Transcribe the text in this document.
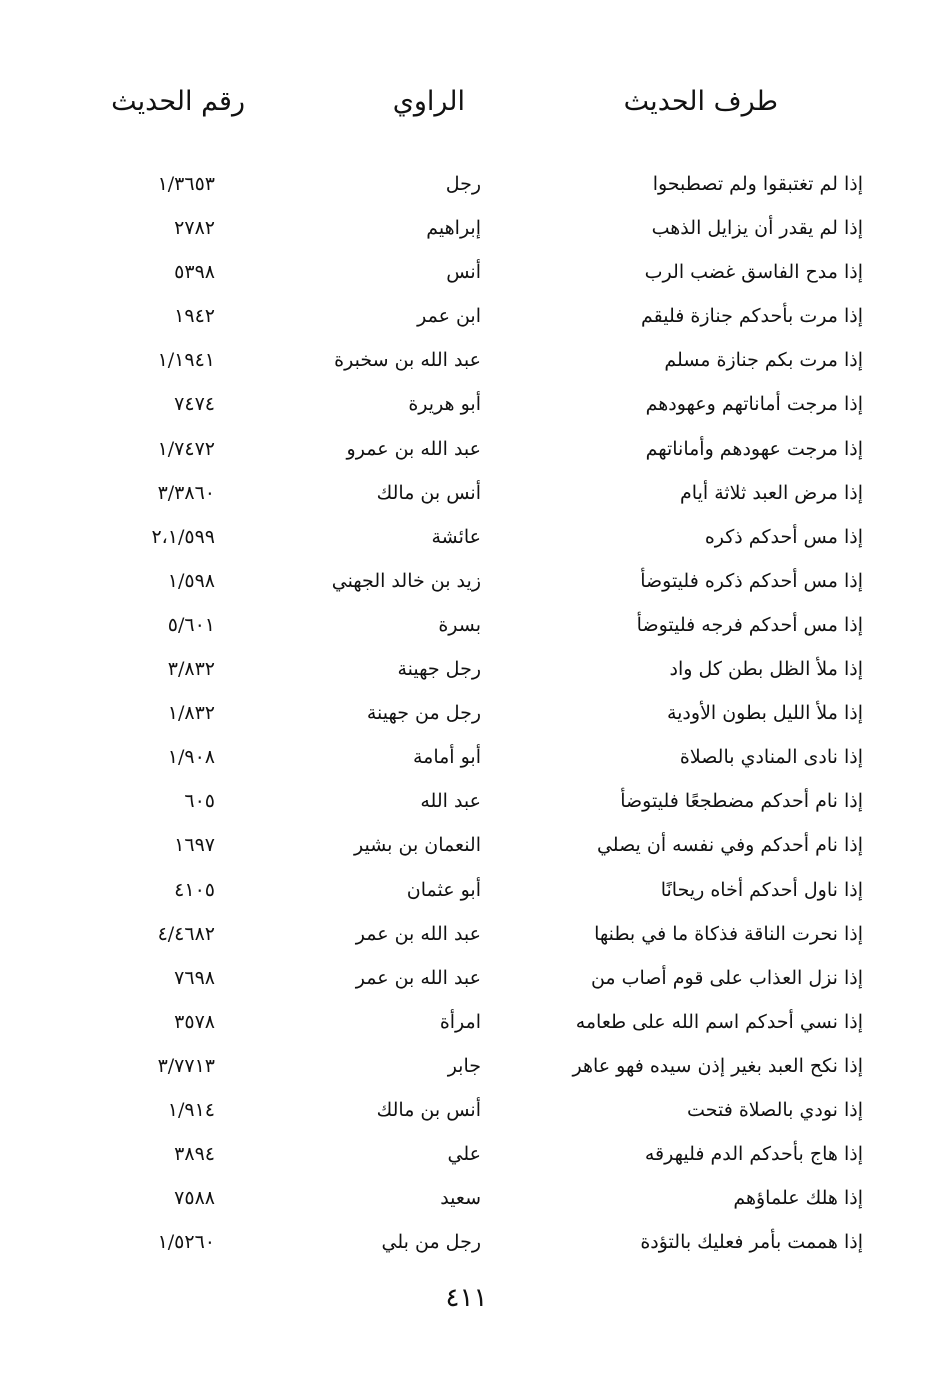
طرف الحديث
الراوي
رقم الحديث
إذا لم تغتبقوا ولم تصطبحوا
رجل
١/٣٦٥٣
إذا لم يقدر أن يزايل الذهب
إبراهيم
٢٧٨٢
إذا مدح الفاسق غضب الرب
أنس
٥٣٩٨
إذا مرت بأحدكم جنازة فليقم
ابن عمر
١٩٤٢
إذا مرت بكم جنازة مسلم
عبد الله بن سخبرة
١/١٩٤١
إذا مرجت أماناتهم وعهودهم
أبو هريرة
٧٤٧٤
إذا مرجت عهودهم وأماناتهم
عبد الله بن عمرو
١/٧٤٧٢
إذا مرض العبد ثلاثة أيام
أنس بن مالك
٣/٣٨٦٠
إذا مس أحدكم ذكره
عائشة
٢،١/٥٩٩
إذا مس أحدكم ذكره فليتوضأ
زيد بن خالد الجهني
١/٥٩٨
إذا مس أحدكم فرجه فليتوضأ
بسرة
٥/٦٠١
إذا ملأ الظل بطن كل واد
رجل جهينة
٣/٨٣٢
إذا ملأ الليل بطون الأودية
رجل من جهينة
١/٨٣٢
إذا نادى المنادي بالصلاة
أبو أمامة
١/٩٠٨
إذا نام أحدكم مضطجعًا فليتوضأ
عبد الله
٦٠٥
إذا نام أحدكم وفي نفسه أن يصلي
النعمان بن بشير
١٦٩٧
إذا ناول أحدكم أخاه ريحانًا
أبو عثمان
٤١٠٥
إذا نحرت الناقة فذكاة ما في بطنها
عبد الله بن عمر
٤/٤٦٨٢
إذا نزل العذاب على قوم أصاب من
عبد الله بن عمر
٧٦٩٨
إذا نسي أحدكم اسم الله على طعامه
امرأة
٣٥٧٨
إذا نكح العبد بغير إذن سيده فهو عاهر
جابر
٣/٧٧١٣
إذا نودي بالصلاة فتحت
أنس بن مالك
١/٩١٤
إذا هاج بأحدكم الدم فليهرقه
علي
٣٨٩٤
إذا هلك علماؤهم
سعيد
٧٥٨٨
إذا هممت بأمر فعليك بالتؤدة
رجل من بلي
١/٥٢٦٠
٤١١
